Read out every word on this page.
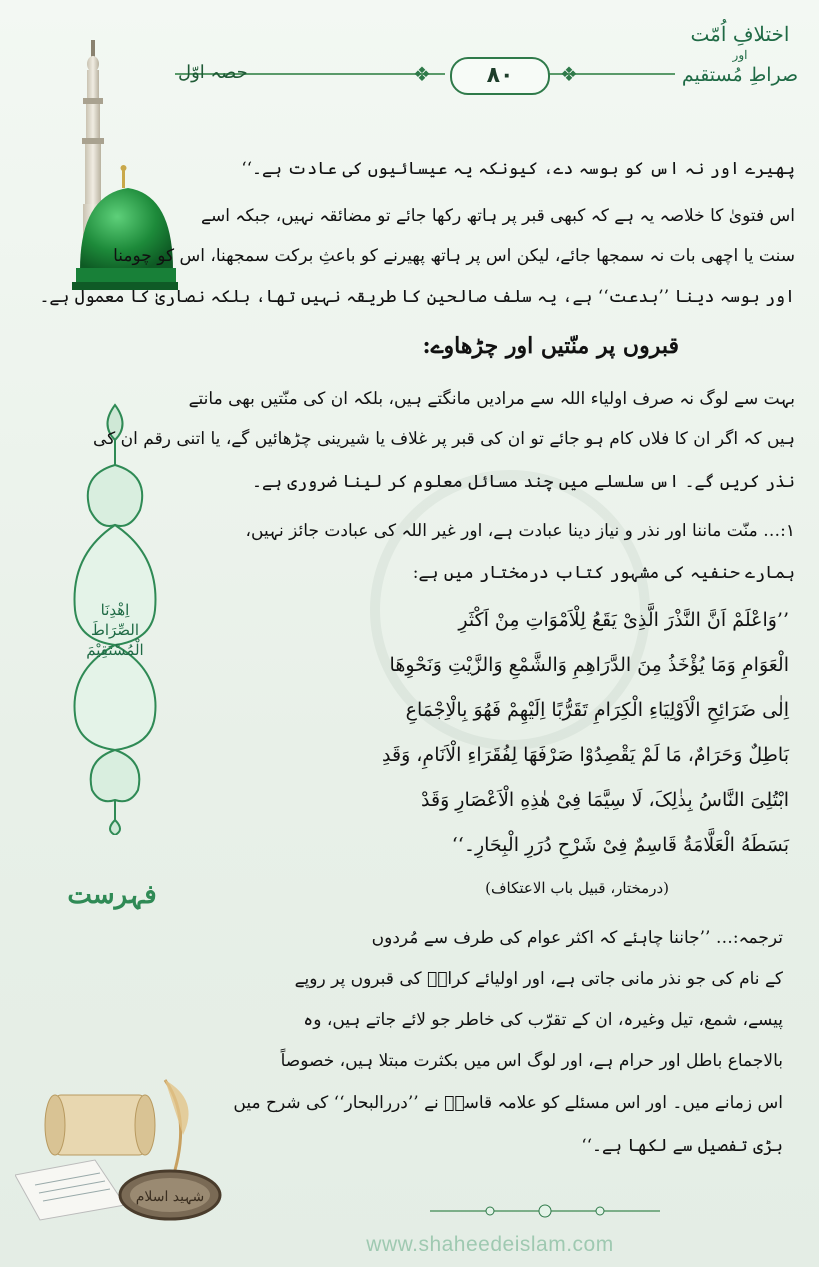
❖	❖
۸۰
حصہ اوّل
اختلافِ اُمّت
اور
صراطِ مُستقیم
اِهْدِنَا الصِّرَاطَ
الْمُسْتَقِیْمَ
فہرست
پھیرے اور نہ اس کو بوسہ دے، کیونکہ یہ عیسائیوں کی عادت ہے۔‘‘
اس فتویٰ کا خلاصہ یہ ہے کہ کبھی قبر پر ہاتھ رکھا جائے تو مضائقہ نہیں، جبکہ اسے
سنت یا اچھی بات نہ سمجھا جائے، لیکن اس پر ہاتھ پھیرنے کو باعثِ برکت سمجھنا، اس کو چومنا
اور بوسہ دینا ’’بدعت‘‘ ہے، یہ سلف صالحین کا طریقہ نہیں تھا، بلکہ نصاریٰ کا معمول ہے۔
قبروں پر منّتیں اور چڑھاوے:
بہت سے لوگ نہ صرف اولیاء اللہ سے مرادیں مانگتے ہیں، بلکہ ان کی منّتیں بھی مانتے
ہیں کہ اگر ان کا فلاں کام ہو جائے تو ان کی قبر پر غلاف یا شیرینی چڑھائیں گے، یا اتنی رقم ان کی
نذر کریں گے۔ اس سلسلے میں چند مسائل معلوم کر لینا ضروری ہے۔
۱:… منّت ماننا اور نذر و نیاز دینا عبادت ہے، اور غیر اللہ کی عبادت جائز نہیں،
ہمارے حنفیہ کی مشہور کتاب درمختار میں ہے:
’’وَاعْلَمْ اَنَّ النَّذْرَ الَّذِیْ یَقَعُ لِلْاَمْوَاتِ مِنْ اَکْثَرِ
الْعَوَامِ وَمَا یُؤْخَذُ مِنَ الدَّرَاهِمِ وَالشَّمْعِ وَالزَّیْتِ وَنَحْوِهَا
اِلٰی ضَرَائِحِ الْاَوْلِیَاءِ الْکِرَامِ تَقَرُّبًا اِلَیْهِمْ فَهُوَ بِالْاِجْمَاعِ
بَاطِلٌ وَحَرَامٌ، مَا لَمْ یَقْصِدُوْا صَرْفَهَا لِفُقَرَاءِ الْاَنَامِ، وَقَدِ
ابْتُلِیَ النَّاسُ بِذٰلِکَ، لَا سِیَّمَا فِیْ هٰذِهِ الْاَعْصَارِ وَقَدْ
بَسَطَهُ الْعَلَّامَةُ قَاسِمٌ فِیْ شَرْحِ دُرَرِ الْبِحَارِ۔‘‘
(درمختار، قبیل باب الاعتکاف)
ترجمہ:… ’’جاننا چاہئے کہ اکثر عوام کی طرف سے مُردوں
کے نام کی جو نذر مانی جاتی ہے، اور اولیائے کرامؒ کی قبروں پر روپے
پیسے، شمع، تیل وغیرہ، ان کے تقرّب کی خاطر جو لائے جاتے ہیں، وہ
بالاجماع باطل اور حرام ہے، اور لوگ اس میں بکثرت مبتلا ہیں، خصوصاً
اس زمانے میں۔ اور اس مسئلے کو علامہ قاسمؒ نے ’’دررالبحار‘‘ کی شرح میں
بڑی تفصیل سے لکھا ہے۔‘‘
شہید اسلام
www.shaheedeislam.com
